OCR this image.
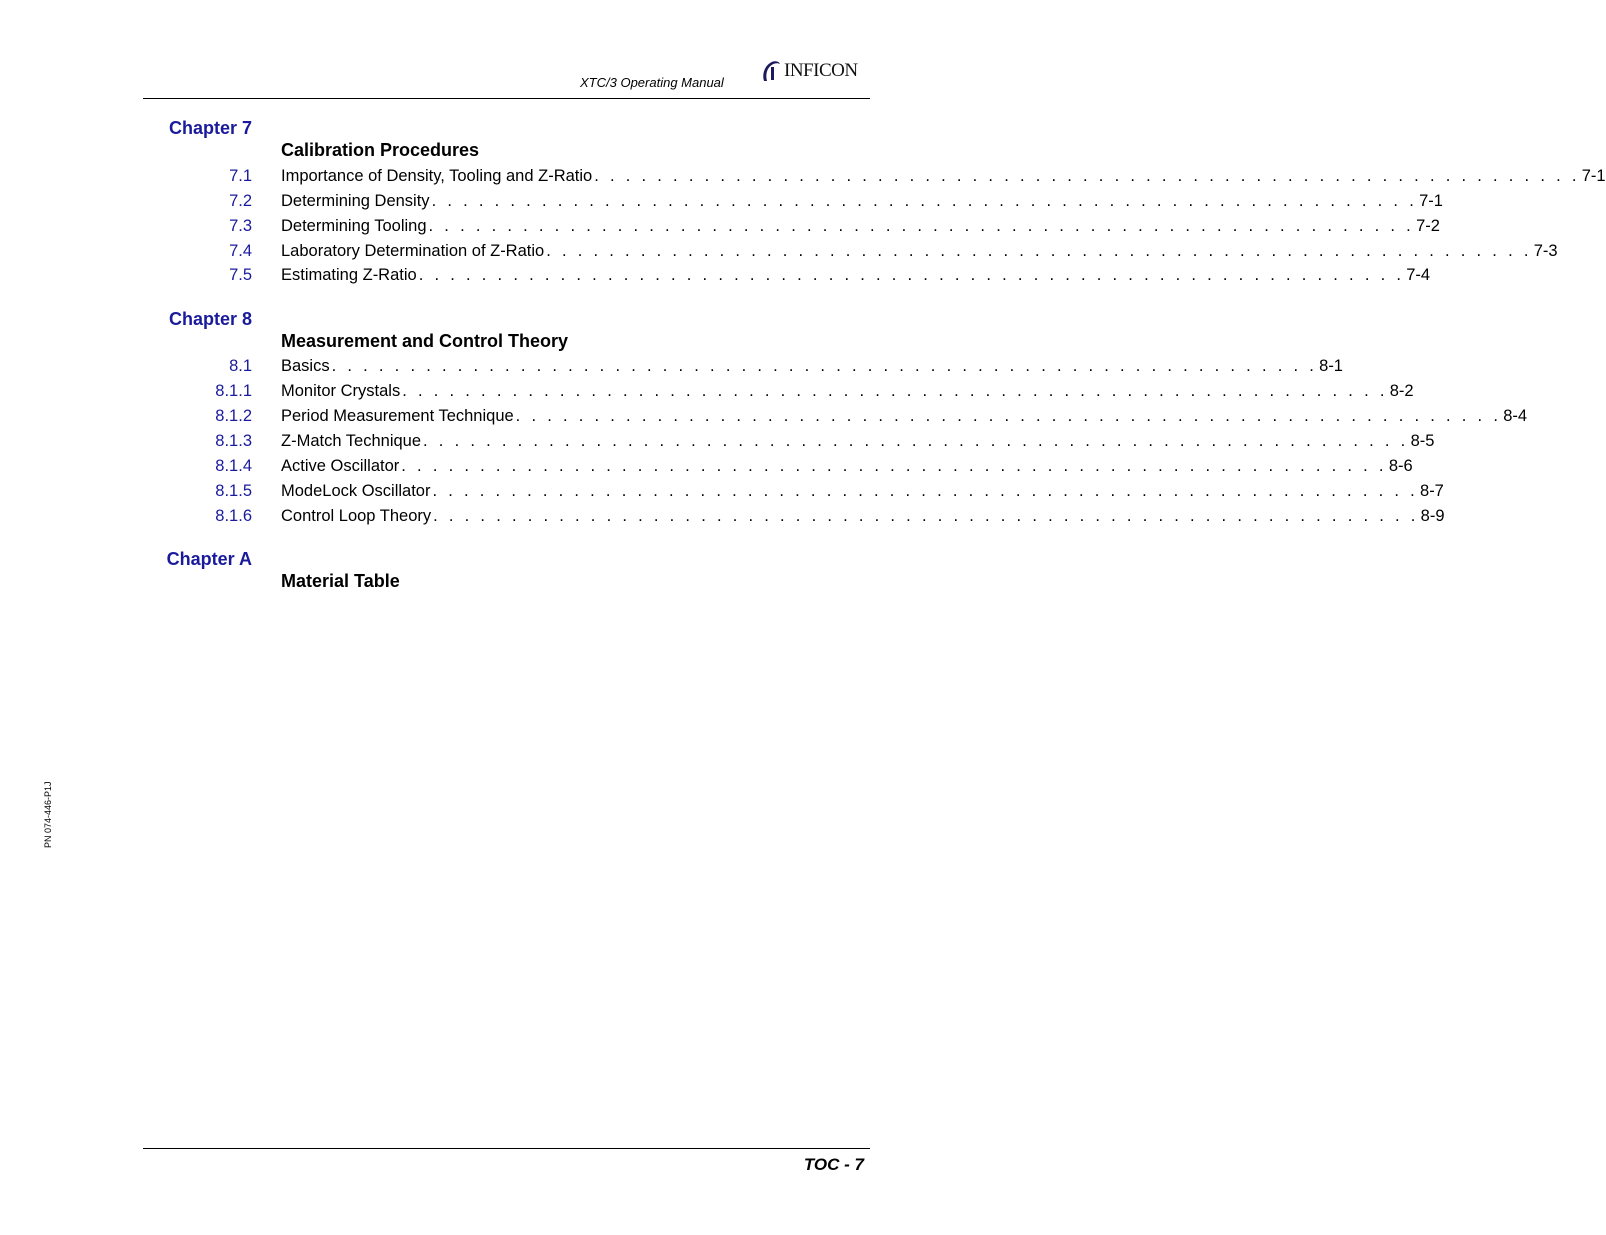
XTC/3 Operating Manual
INFICON
PN 074-446-P1J
Chapter 7
Calibration Procedures
7.1 Importance of Density, Tooling and Z-Ratio . . . . . . . . . . . . . . . . . . . . . . . . . . . . . . . . . . . . . . . . . . . . . . . . . . . . . . . . . . . . . . . 7-1
7.2 Determining Density . . . . . . . . . . . . . . . . . . . . . . . . . . . . . . . . . . . . . . . . . . . . . . . . . . . . . . . . . . . . . . . 7-1
7.3 Determining Tooling . . . . . . . . . . . . . . . . . . . . . . . . . . . . . . . . . . . . . . . . . . . . . . . . . . . . . . . . . . . . . . . 7-2
7.4 Laboratory Determination of Z-Ratio . . . . . . . . . . . . . . . . . . . . . . . . . . . . . . . . . . . . . . . . . . . . . . . . . . . . . . . . . . . . . . . 7-3
7.5 Estimating Z-Ratio . . . . . . . . . . . . . . . . . . . . . . . . . . . . . . . . . . . . . . . . . . . . . . . . . . . . . . . . . . . . . . . 7-4
Chapter 8
Measurement and Control Theory
8.1 Basics . . . . . . . . . . . . . . . . . . . . . . . . . . . . . . . . . . . . . . . . . . . . . . . . . . . . . . . . . . . . . . . 8-1
8.1.1 Monitor Crystals . . . . . . . . . . . . . . . . . . . . . . . . . . . . . . . . . . . . . . . . . . . . . . . . . . . . . . . . . . . . . . . 8-2
8.1.2 Period Measurement Technique . . . . . . . . . . . . . . . . . . . . . . . . . . . . . . . . . . . . . . . . . . . . . . . . . . . . . . . . . . . . . . . 8-4
8.1.3 Z-Match Technique . . . . . . . . . . . . . . . . . . . . . . . . . . . . . . . . . . . . . . . . . . . . . . . . . . . . . . . . . . . . . . . 8-5
8.1.4 Active Oscillator . . . . . . . . . . . . . . . . . . . . . . . . . . . . . . . . . . . . . . . . . . . . . . . . . . . . . . . . . . . . . . . 8-6
8.1.5 ModeLock Oscillator . . . . . . . . . . . . . . . . . . . . . . . . . . . . . . . . . . . . . . . . . . . . . . . . . . . . . . . . . . . . . . . 8-7
8.1.6 Control Loop Theory . . . . . . . . . . . . . . . . . . . . . . . . . . . . . . . . . . . . . . . . . . . . . . . . . . . . . . . . . . . . . . . 8-9
Chapter A
Material Table
TOC - 7
